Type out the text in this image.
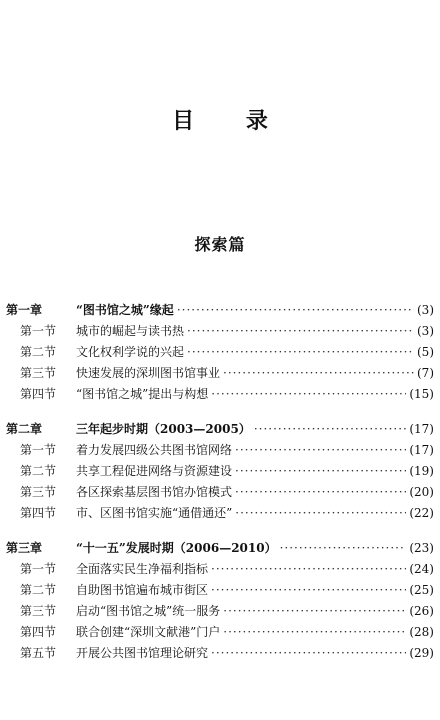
目 录
探索篇
第一章	“图书馆之城”缘起 ·····	(3)
第一节 城市的崛起与读书热 ·····	(3)
第二节 文化权利学说的兴起 ·····	(5)
第三节 快速发展的深圳图书馆事业 ·····	(7)
第四节 “图书馆之城”提出与构想 ·····	(15)
第二章	三年起步时期（2003—2005） ·····	(17)
第一节 着力发展四级公共图书馆网络 ·····	(17)
第二节 共享工程促进网络与资源建设 ·····	(19)
第三节 各区探索基层图书馆办馆模式 ·····	(20)
第四节 市、区图书馆实施“通借通还” ·····	(22)
第三章	“十一五”发展时期（2006—2010） ·····	(23)
第一节 全面落实民生净福利指标 ·····	(24)
第二节 自助图书馆遍布城市街区 ·····	(25)
第三节 启动“图书馆之城”统一服务 ·····	(26)
第四节 联合创建“深圳文献港”门户 ·····	(28)
第五节 开展公共图书馆理论研究 ·····	(29)
